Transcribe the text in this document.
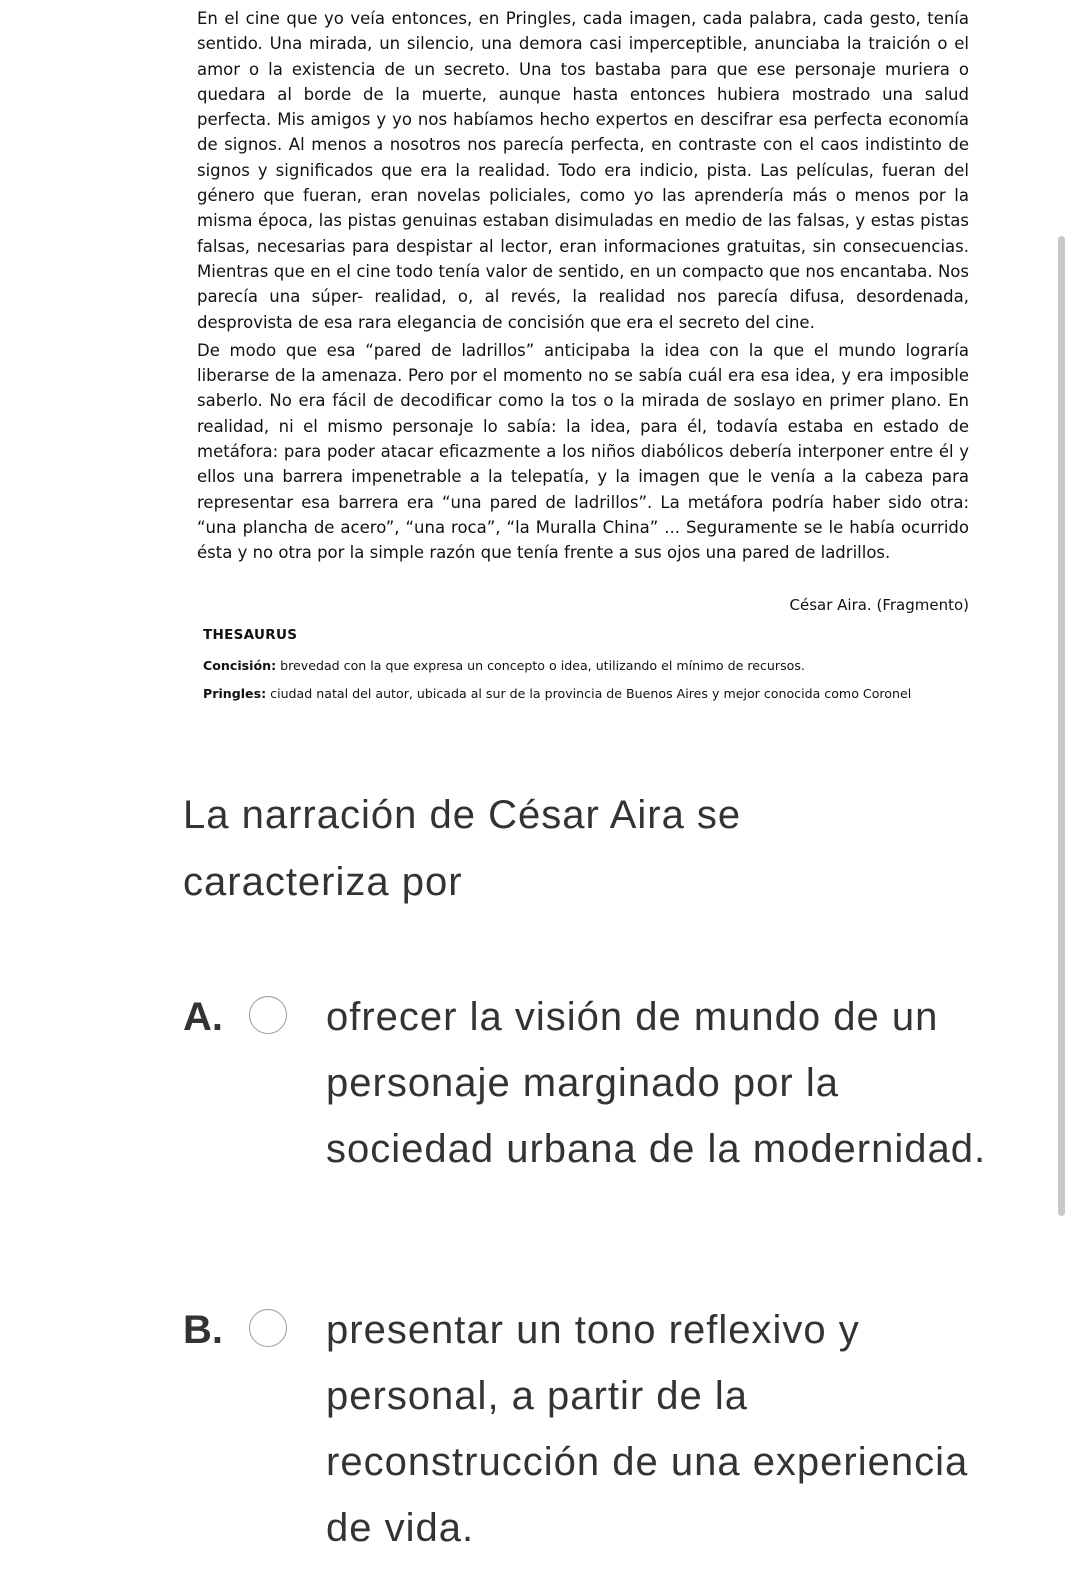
En el cine que yo veía entonces, en Pringles, cada imagen, cada palabra, cada gesto, tenía sentido. Una mirada, un silencio, una demora casi imperceptible, anunciaba la traición o el amor o la existencia de un secreto. Una tos bastaba para que ese personaje muriera o quedara al borde de la muerte, aunque hasta entonces hubiera mostrado una salud perfecta. Mis amigos y yo nos habíamos hecho expertos en descifrar esa perfecta economía de signos. Al menos a nosotros nos parecía perfecta, en contraste con el caos indistinto de signos y significados que era la realidad. Todo era indicio, pista. Las películas, fueran del género que fueran, eran novelas policiales, como yo las aprendería más o menos por la misma época, las pistas genuinas estaban disimuladas en medio de las falsas, y estas pistas falsas, necesarias para despistar al lector, eran informaciones gratuitas, sin consecuencias. Mientras que en el cine todo tenía valor de sentido, en un compacto que nos encantaba. Nos parecía una súper- realidad, o, al revés, la realidad nos parecía difusa, desordenada, desprovista de esa rara elegancia de concisión que era el secreto del cine.

De modo que esa “pared de ladrillos” anticipaba la idea con la que el mundo lograría liberarse de la amenaza. Pero por el momento no se sabía cuál era esa idea, y era imposible saberlo. No era fácil de decodificar como la tos o la mirada de soslayo en primer plano. En realidad, ni el mismo personaje lo sabía: la idea, para él, todavía estaba en estado de metáfora: para poder atacar eficazmente a los niños diabólicos debería interponer entre él y ellos una barrera impenetrable a la telepatía, y la imagen que le venía a la cabeza para representar esa barrera era “una pared de ladrillos”. La metáfora podría haber sido otra: “una plancha de acero”, “una roca”, “la Muralla China” ... Seguramente se le había ocurrido ésta y no otra por la simple razón que tenía frente a sus ojos una pared de ladrillos.

César Aira. (Fragmento)
THESAURUS
Concisión: brevedad con la que expresa un concepto o idea, utilizando el mínimo de recursos.
Pringles: ciudad natal del autor, ubicada al sur de la provincia de Buenos Aires y mejor conocida como Coronel
La narración de César Aira se caracteriza por
A.	ofrecer la visión de mundo de un personaje marginado por la sociedad urbana de la modernidad.
B.	presentar un tono reflexivo y personal, a partir de la reconstrucción de una experiencia de vida.
